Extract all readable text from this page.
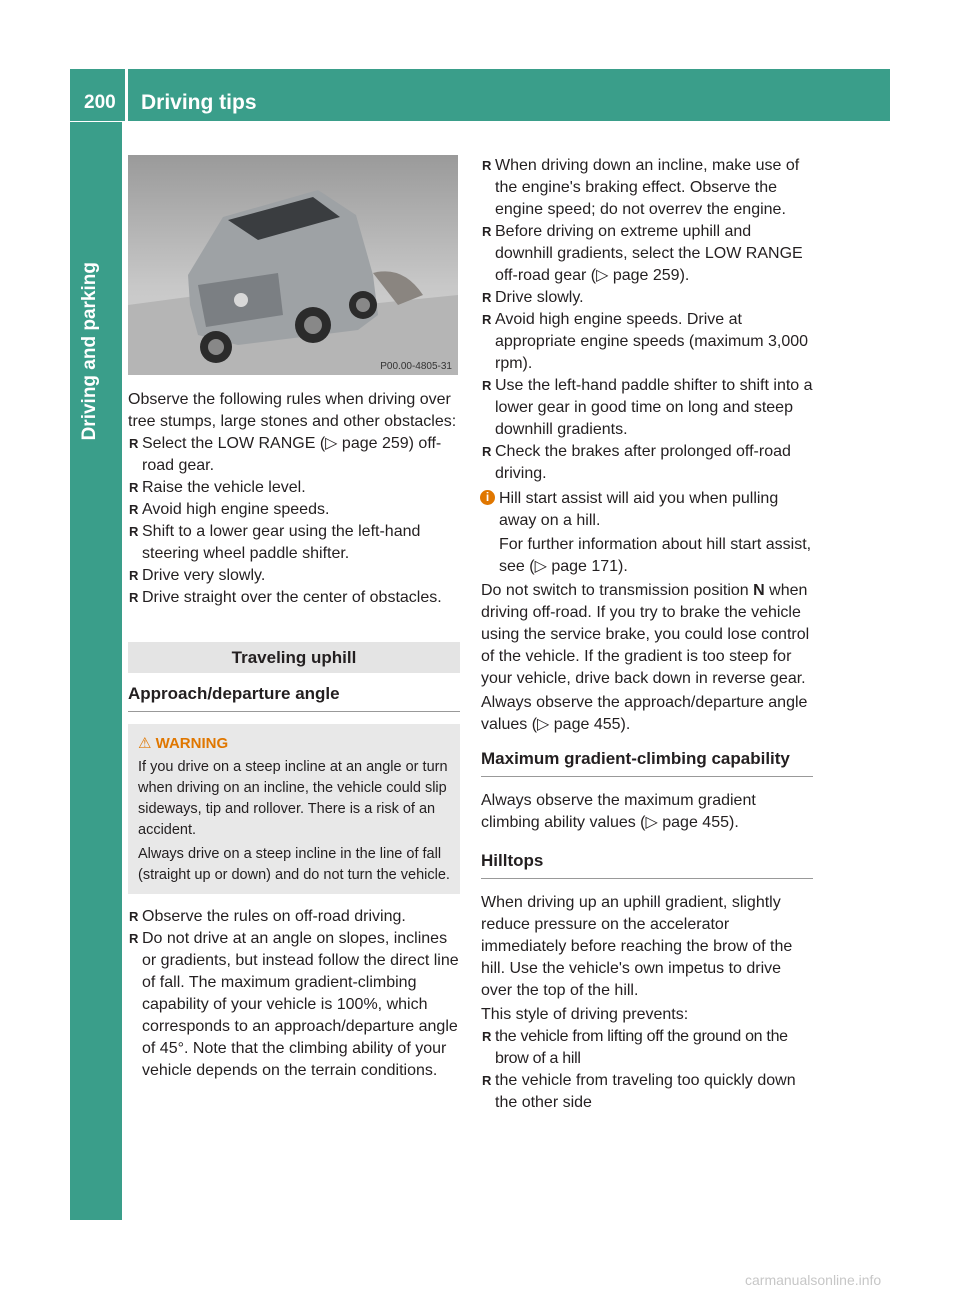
200 Driving tips
Driving and parking	P00.00-4805-31

Observe the following rules when driving over tree stumps, large stones and other obstacles:

R Select the LOW RANGE (▷ page 259) off-road gear.
R Raise the vehicle level.
R Avoid high engine speeds.
R Shift to a lower gear using the left-hand steering wheel paddle shifter.
R Drive very slowly.
R Drive straight over the center of obstacles.
Traveling uphill
Approach/departure angle
⚠ WARNING

If you drive on a steep incline at an angle or turn when driving on an incline, the vehicle could slip sideways, tip and rollover. There is a risk of an accident.

Always drive on a steep incline in the line of fall (straight up or down) and do not turn the vehicle.

R Observe the rules on off-road driving.
R Do not drive at an angle on slopes, inclines or gradients, but instead follow the direct line of fall. The maximum gradient-climbing capability of your vehicle is 100%, which corresponds to an approach/departure angle of 45°. Note that the climbing ability of your vehicle depends on the terrain conditions.
R When driving down an incline, make use of the engine's braking effect. Observe the engine speed; do not overrev the engine.
R Before driving on extreme uphill and downhill gradients, select the LOW RANGE off-road gear (▷ page 259).
R Drive slowly.
R Avoid high engine speeds. Drive at appropriate engine speeds (maximum 3,000 rpm).
R Use the left-hand paddle shifter to shift into a lower gear in good time on long and steep downhill gradients.
R Check the brakes after prolonged off-road driving.
i Hill start assist will aid you when pulling away on a hill.

For further information about hill start assist, see (▷ page 171).

Do not switch to transmission position N when driving off-road. If you try to brake the vehicle using the service brake, you could lose control of the vehicle. If the gradient is too steep for your vehicle, drive back down in reverse gear.

Always observe the approach/departure angle values (▷ page 455).

Maximum gradient-climbing capability

Always observe the maximum gradient climbing ability values (▷ page 455).

Hilltops

When driving up an uphill gradient, slightly reduce pressure on the accelerator immediately before reaching the brow of the hill. Use the vehicle's own impetus to drive over the top of the hill.

This style of driving prevents:

R the vehicle from lifting off the ground on the brow of a hill
R the vehicle from traveling too quickly down the other side
carmanualsonline.info
